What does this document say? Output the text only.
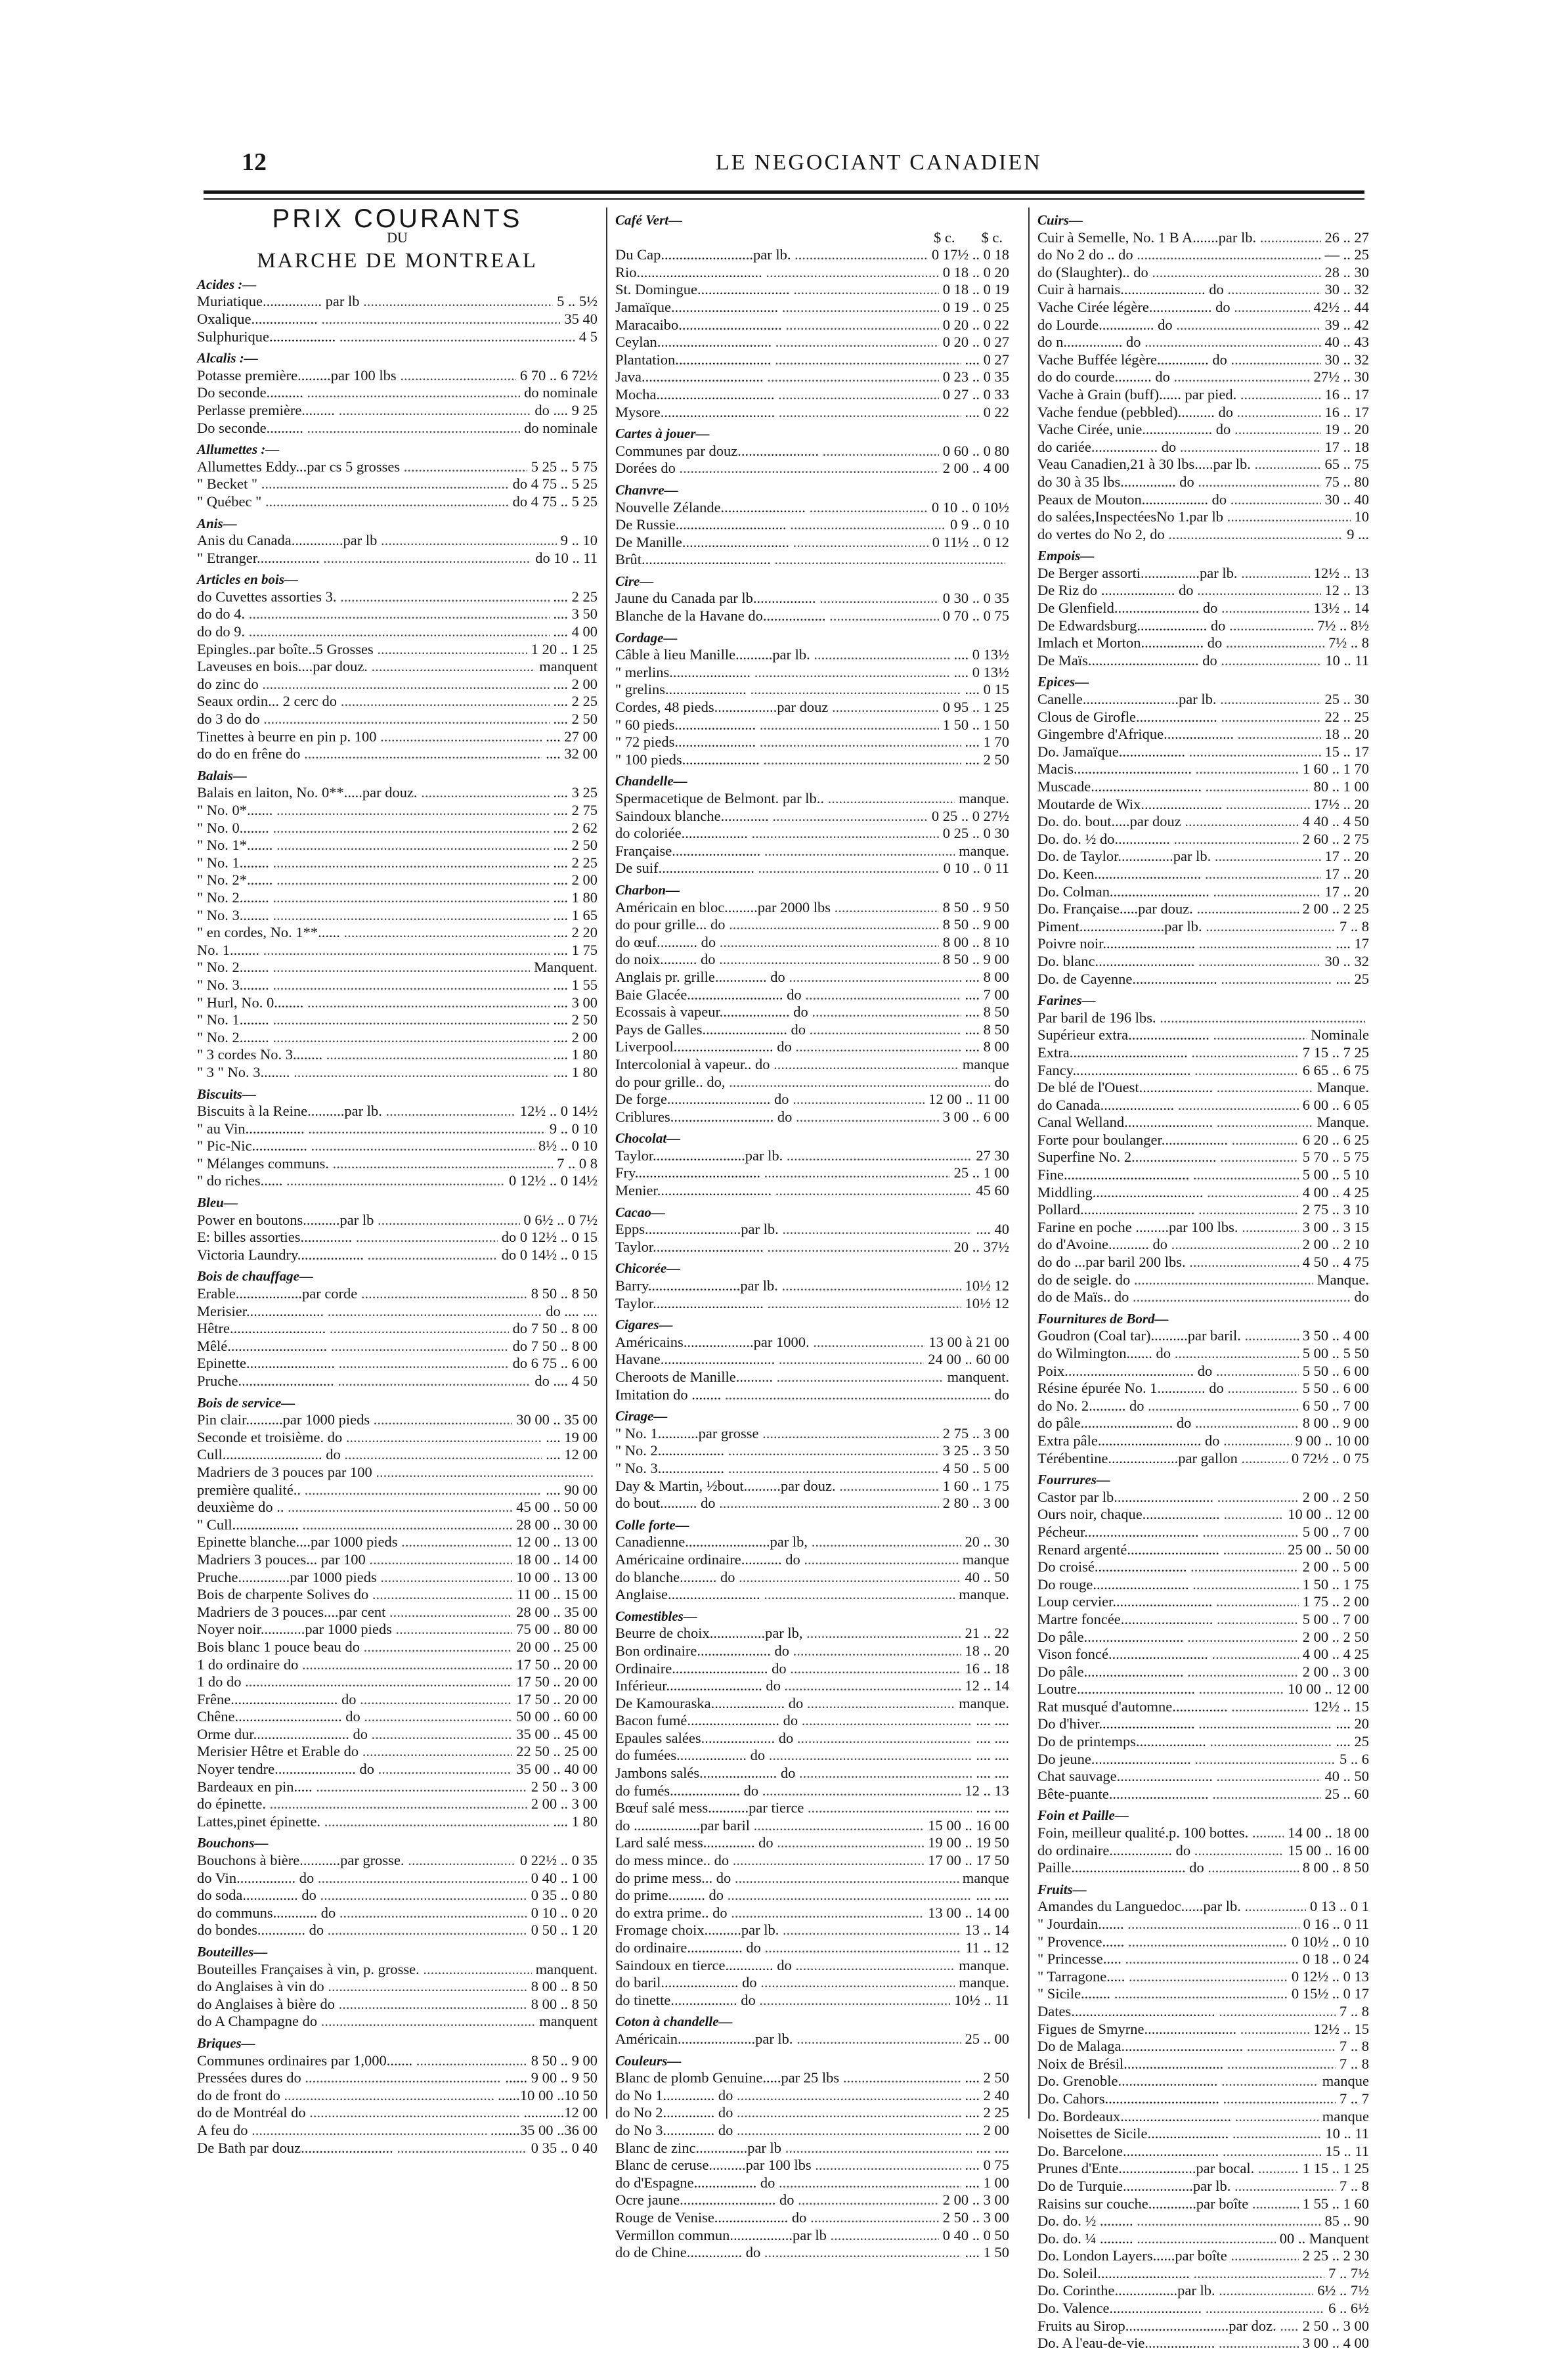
12	LE NEGOCIANT CANADIEN
PRIX COURANTS
DU
MARCHE DE MONTREAL
Acides :—
Muriatique................ par lb .....	5 .. 5½
Oxalique.................. .....	35 40
Sulphurique.................. .....	4 5
Alcalis :—
Potasse première.........par 100 lbs .....	6 70 .. 6 72½
Do seconde.......... .....	do nominale
Perlasse première......... .....	do .... 9 25
Do seconde.......... .....	do nominale
Allumettes :—
Allumettes Eddy...par cs 5 grosses .....	5 25 .. 5 75
" Becket " .....	do 4 75 .. 5 25
" Québec " .....	do 4 75 .. 5 25
Anis—
Anis du Canada..............par lb .....	9 .. 10
" Etranger................. .....	do 10 .. 11
Articles en bois—
do Cuvettes assorties 3. .....	.... 2 25
do do 4. .....	.... 3 50
do do 9. .....	.... 4 00
Epingles..par boîte..5 Grosses .....	1 20 .. 1 25
Laveuses en bois....par douz. .....	manquent
do zinc do .....	.... 2 00
Seaux ordin... 2 cerc do .....	.... 2 25
do 3 do do .....	.... 2 50
Tinettes à beurre en pin p. 100 .....	.... 27 00
do do en frêne do .....	.... 32 00
Balais—
Balais en laiton, No. 0**.....par douz. .....	.... 3 25
" No. 0*....... .....	.... 2 75
" No. 0........ .....	.... 2 62
" No. 1*....... .....	.... 2 50
" No. 1........ .....	.... 2 25
" No. 2*....... .....	.... 2 00
" No. 2........ .....	.... 1 80
" No. 3........ .....	.... 1 65
" en cordes, No. 1**...... .....	.... 2 20
No. 1........ .....	.... 1 75
" No. 2........ .....	Manquent.
" No. 3........ .....	.... 1 55
" Hurl, No. 0........ .....	.... 3 00
" No. 1........ .....	.... 2 50
" No. 2........ .....	.... 2 00
" 3 cordes No. 3........ .....	.... 1 80
" 3 " No. 3........ .....	.... 1 80
Biscuits—
Biscuits à la Reine..........par lb. .....	12½ .. 0 14½
" au Vin................ .....	9 .. 0 10
" Pic-Nic............... .....	8½ .. 0 10
" Mélanges communs. .....	7 .. 0 8
" do riches...... .....	0 12½ .. 0 14½
Bleu—
Power en boutons..........par lb .....	0 6½ .. 0 7½
E: billes assorties.............. .....	do 0 12½ .. 0 15
Victoria Laundry.................. .....	do 0 14½ .. 0 15
Bois de chauffage—
Erable..................par corde .....	8 50 .. 8 50
Merisier..................... .....	do .... ....
Hêtre.......................... .....	do 7 50 .. 8 00
Mêlé........................... .....	do 7 50 .. 8 00
Epinette........................ .....	do 6 75 .. 6 00
Pruche.......................... .....	do .... 4 50
Bois de service—
Pin clair..........par 1000 pieds .....	30 00 .. 35 00
Seconde et troisième. do .....	.... 19 00
Cull........................... do .....	.... 12 00
Madriers de 3 pouces par 100 .....
première qualité.. .....	.... 90 00
deuxième do .. .....	45 00 .. 50 00
" Cull.................. .....	28 00 .. 30 00
Epinette blanche....par 1000 pieds .....	12 00 .. 13 00
Madriers 3 pouces... par 100 .....	18 00 .. 14 00
Pruche..............par 1000 pieds .....	10 00 .. 13 00
Bois de charpente Solives do .....	11 00 .. 15 00
Madriers de 3 pouces....par cent .....	28 00 .. 35 00
Noyer noir............par 1000 pieds .....	75 00 .. 80 00
Bois blanc 1 pouce beau do .....	20 00 .. 25 00
1 do ordinaire do .....	17 50 .. 20 00
1 do do .....	17 50 .. 20 00
Frêne............................. do .....	17 50 .. 20 00
Chêne............................. do .....	50 00 .. 60 00
Orme dur.......................... do .....	35 00 .. 45 00
Merisier Hêtre et Erable do .....	22 50 .. 25 00
Noyer tendre...................... do .....	35 00 .. 40 00
Bardeaux en pin..... .....	2 50 .. 3 00
do épinette. .....	2 00 .. 3 00
Lattes,pinet épinette. .....	.... 1 80
Bouchons—
Bouchons à bière...........par grosse. .....	0 22½ .. 0 35
do Vin................ do .....	0 40 .. 1 00
do soda............... do .....	0 35 .. 0 80
do communs............ do .....	0 10 .. 0 20
do bondes............. do .....	0 50 .. 1 20
Bouteilles—
Bouteilles Françaises à vin, p. grosse. .....	manquent.
do Anglaises à vin do .....	8 00 .. 8 50
do Anglaises à bière do .....	8 00 .. 8 50
do A Champagne do .....	manquent
Briques—
Communes ordinaires par 1,000....... .....	8 50 .. 9 00
Pressées dures do .....	...... 9 00 .. 9 50
do de front do .....	......10 00 ..10 50
do de Montréal do .....	...........12 00
A feu do .....	........35 00 ..36 00
De Bath par douz......................... .....	0 35 .. 0 40
Café Vert—
$ c. $ c.
Du Cap.........................par lb. .....	0 17½ .. 0 18
Rio.................................. .....	0 18 .. 0 20
St. Domingue......................... .....	0 18 .. 0 19
Jamaïque............................. .....	0 19 .. 0 25
Maracaibo............................ .....	0 20 .. 0 22
Ceylan............................... .....	0 20 .. 0 27
Plantation.......................... .....	.... 0 27
Java................................. .....	0 23 .. 0 35
Mocha................................ .....	0 27 .. 0 33
Mysore............................... .....	.... 0 22
Cartes à jouer—
Communes par douz...................... .....	0 60 .. 0 80
Dorées do .....	2 00 .. 4 00
Chanvre—
Nouvelle Zélande....................... .....	0 10 .. 0 10½
De Russie.............................. .....	0 9 .. 0 10
De Manille............................. .....	0 11½ .. 0 12
Brût................................... .....
Cire—
Jaune du Canada par lb................. .....	0 30 .. 0 35
Blanche de la Havane do................. .....	0 70 .. 0 75
Cordage—
Câble à lieu Manille..........par lb. .....	.... 0 13½
" merlins...................... .....	.... 0 13½
" grelins...................... .....	.... 0 15
Cordes, 48 pieds.................par douz .....	0 95 .. 1 25
" 60 pieds...................... .....	1 50 .. 1 50
" 72 pieds...................... .....	.... 1 70
" 100 pieds..................... .....	.... 2 50
Chandelle—
Spermacetique de Belmont. par lb.. .....	manque.
Saindoux blanche............. .....	0 25 .. 0 27½
do coloriée.................. .....	0 25 .. 0 30
Française........................ .....	manque.
De suif.......................... .....	0 10 .. 0 11
Charbon—
Américain en bloc.........par 2000 lbs .....	8 50 .. 9 50
do pour grille... do .....	8 50 .. 9 00
do œuf........... do .....	8 00 .. 8 10
do noix.......... do .....	8 50 .. 9 00
Anglais pr. grille.............. do .....	.... 8 00
Baie Glacée.......................... do .....	.... 7 00
Ecossais à vapeur................... do .....	.... 8 50
Pays de Galles....................... do .....	.... 8 50
Liverpool........................... do .....	.... 8 00
Intercolonial à vapeur.. do .....	manque
do pour grille.. do, .....	do
De forge............................ do .....	12 00 .. 11 00
Criblures............................ do .....	3 00 .. 6 00
Chocolat—
Taylor.........................par lb. .....	27 30
Fry.................................. .....	25 .. 1 00
Menier............................... .....	45 60
Cacao—
Epps..........................par lb. .....	.... 40
Taylor.............................. .....	20 .. 37½
Chicorée—
Barry.........................par lb. .....	10½ 12
Taylor.............................. .....	10½ 12
Cigares—
Américains...................par 1000. .....	13 00 à 21 00
Havane............................... .....	24 00 .. 60 00
Cheroots de Manille.......... .....	manquent.
Imitation do ........ .....	do
Cirage—
" No. 1...........par grosse .....	2 75 .. 3 00
" No. 2.................. .....	3 25 .. 3 50
" No. 3.................. .....	4 50 .. 5 00
Day & Martin, ½bout..........par douz. .....	1 60 .. 1 75
do bout.......... do .....	2 80 .. 3 00
Colle forte—
Canadienne.......................par lb, .....	20 .. 30
Américaine ordinaire........... do .....	manque
do blanche.......... do .....	40 .. 50
Anglaise......................... .....	manque.
Comestibles—
Beurre de choix...............par lb, .....	21 .. 22
Bon ordinaire.................... do .....	18 .. 20
Ordinaire.......................... do .....	16 .. 18
Inférieur.......................... do .....	12 .. 14
De Kamouraska.................... do .....	manque.
Bacon fumé......................... do .....	.... ....
Epaules salées.................... do .....	.... ....
do fumées................... do .....	.... ....
Jambons salés..................... do .....	.... ....
do fumés................... do .....	12 .. 13
Bœuf salé mess...........par tierce .....	.... ....
do ..................par baril .....	15 00 .. 16 00
Lard salé mess.............. do .....	19 00 .. 19 50
do mess mince.. do .....	17 00 .. 17 50
do prime mess... do .....	manque
do prime.......... do .....	.... ....
do extra prime.. do .....	13 00 .. 14 00
Fromage choix..........par lb. .....	13 .. 14
do ordinaire............... do .....	11 .. 12
Saindoux en tierce............. do .....	manque.
do baril..................... do .....	manque.
do tinette.................. do .....	10½ .. 11
Coton à chandelle—
Américain.....................par lb. .....	25 .. 00
Couleurs—
Blanc de plomb Genuine.....par 25 lbs .....	.... 2 50
do No 1.............. do .....	.... 2 40
do No 2.............. do .....	.... 2 25
do No 3.............. do .....	.... 2 00
Blanc de zinc..............par lb .....	.... ....
Blanc de ceruse..........par 100 lbs .....	.... 0 75
do d'Espagne................. do .....	.... 1 00
Ocre jaune.......................... do .....	2 00 .. 3 00
Rouge de Venise.................... do .....	2 50 .. 3 00
Vermillon commun.................par lb .....	0 40 .. 0 50
do de Chine............... do .....	.... 1 50
Cuirs—
Cuir à Semelle, No. 1 B A.......par lb. .....	26 .. 27
do No 2 do .. do .....	— .. 25
do (Slaughter).. do .....	28 .. 30
Cuir à harnais....................... do .....	30 .. 32
Vache Cirée légère................. do .....	42½ .. 44
do Lourde............... do .....	39 .. 42
do n................ do .....	40 .. 43
Vache Buffée légère.............. do .....	30 .. 32
do do courde.......... do .....	27½ .. 30
Vache à Grain (buff)...... par pied. .....	16 .. 17
Vache fendue (pebbled).......... do .....	16 .. 17
Vache Cirée, unie................... do .....	19 .. 20
do cariée.................. do .....	17 .. 18
Veau Canadien,21 à 30 lbs.....par lb. .....	65 .. 75
do 30 à 35 lbs............... do .....	75 .. 80
Peaux de Mouton.................. do .....	30 .. 40
do salées,InspectéesNo 1.par lb .....	10
do vertes do No 2, do .....	9 ...
Empois—
De Berger assorti................par lb. .....	12½ .. 13
De Riz do .................... do .....	12 .. 13
De Glenfield....................... do .....	13½ .. 14
De Edwardsburg................... do .....	7½ .. 8½
Imlach et Morton................. do .....	7½ .. 8
De Maïs.............................. do .....	10 .. 11
Epices—
Canelle..........................par lb. .....	25 .. 30
Clous de Girofle...................... .....	22 .. 25
Gingembre d'Afrique................... .....	18 .. 20
Do. Jamaïque.................. .....	15 .. 17
Macis................................ .....	1 60 .. 1 70
Muscade.............................. .....	80 .. 1 00
Moutarde de Wix...................... .....	17½ .. 20
Do. do. bout.....par douz .....	4 40 .. 4 50
Do. do. ½ do............... .....	2 60 .. 2 75
Do. de Taylor...............par lb. .....	17 .. 20
Do. Keen............................. .....	17 .. 20
Do. Colman........................... .....	17 .. 20
Do. Française.....par douz. .....	2 00 .. 2 25
Piment.......................par lb. .....	7 .. 8
Poivre noir......................... .....	.... 17
Do. blanc........................... .....	30 .. 32
Do. de Cayenne....................... .....	.... 25
Farines—
Par baril de 196 lbs. .....
Supérieur extra...................... .....	Nominale
Extra................................ .....	7 15 .. 7 25
Fancy................................ .....	6 65 .. 6 75
De blé de l'Ouest.................... .....	Manque.
do Canada.................... .....	6 00 .. 6 05
Canal Welland........................ .....	Manque.
Forte pour boulanger.................. .....	6 20 .. 6 25
Superfine No. 2....................... .....	5 70 .. 5 75
Fine.................................. .....	5 00 .. 5 10
Middling.............................. .....	4 00 .. 4 25
Pollard............................... .....	2 75 .. 3 10
Farine en poche .........par 100 lbs. .....	3 00 .. 3 15
do d'Avoine........... do .....	2 00 .. 2 10
do do ...par baril 200 lbs. .....	4 50 .. 4 75
do de seigle. do .....	Manque.
do de Maïs.. do .....	do
Fournitures de Bord—
Goudron (Coal tar)..........par baril. .....	3 50 .. 4 00
do Wilmington....... do .....	5 00 .. 5 50
Poix................................... do .....	5 50 .. 6 00
Résine épurée No. 1............. do .....	5 50 .. 6 00
do No. 2.......... do .....	6 50 .. 7 00
do pâle......................... do .....	8 00 .. 9 00
Extra pâle............................ do .....	9 00 .. 10 00
Térébentine...................par gallon .....	0 72½ .. 0 75
Fourrures—
Castor par lb........................... .....	2 00 .. 2 50
Ours noir, chaque..................... .....	10 00 .. 12 00
Pécheur............................... .....	5 00 .. 7 00
Renard argenté......................... .....	25 00 .. 50 00
Do croisé......................... .....	2 00 .. 5 00
Do rouge.......................... .....	1 50 .. 1 75
Loup cervier........................... .....	1 75 .. 2 00
Martre foncée......................... .....	5 00 .. 7 00
Do pâle........................... .....	2 00 .. 2 50
Vison foncé........................... .....	4 00 .. 4 25
Do pâle........................... .....	2 00 .. 3 00
Loutre................................ .....	10 00 .. 12 00
Rat musqué d'automne............... .....	12½ .. 15
Do d'hiver.......................... .....	.... 20
Do de printemps................... .....	.... 25
Do jeune........................... .....	5 .. 6
Chat sauvage.......................... .....	40 .. 50
Bête-puante........................... .....	25 .. 60
Foin et Paille—
Foin, meilleur qualité.p. 100 bottes. .....	14 00 .. 18 00
do ordinaire................. do .....	15 00 .. 16 00
Paille............................... do .....	8 00 .. 8 50
Fruits—
Amandes du Languedoc......par lb. .....	0 13 .. 0 1
" Jourdain....... .....	0 16 .. 0 11
" Provence...... .....	0 10½ .. 0 10
" Princesse..... .....	0 18 .. 0 24
" Tarragone..... .....	0 12½ .. 0 13
" Sicile........ .....	0 15½ .. 0 17
Dates....................................... .....	7 .. 8
Figues de Smyrne......................... .....	12½ .. 15
Do de Malaga................................. .....	7 .. 8
Noix de Brésil........................... .....	7 .. 8
Do. Grenoble........................... .....	manque
Do. Cahors............................... .....	7 .. 7
Do. Bordeaux.............................. .....	manque
Noisettes de Sicile...................... .....	10 .. 11
Do. Barcelone.......................... .....	15 .. 11
Prunes d'Ente.....................par bocal. .....	1 15 .. 1 25
Do de Turquie...................par lb. .....	7 .. 8
Raisins sur couche.............par boîte .....	1 55 .. 1 60
Do. do. ½ ......... .....	85 .. 90
Do. do. ¼ ......... .....	00 .. Manquent
Do. London Layers......par boîte .....	2 25 .. 2 30
Do. Soleil......................... .....	7 .. 7½
Do. Corinthe.................par lb. .....	6½ .. 7½
Do. Valence......................... .....	6 .. 6½
Fruits au Sirop............................par doz. .....	2 50 .. 3 00
Do. A l'eau-de-vie................... .....	3 00 .. 4 00
